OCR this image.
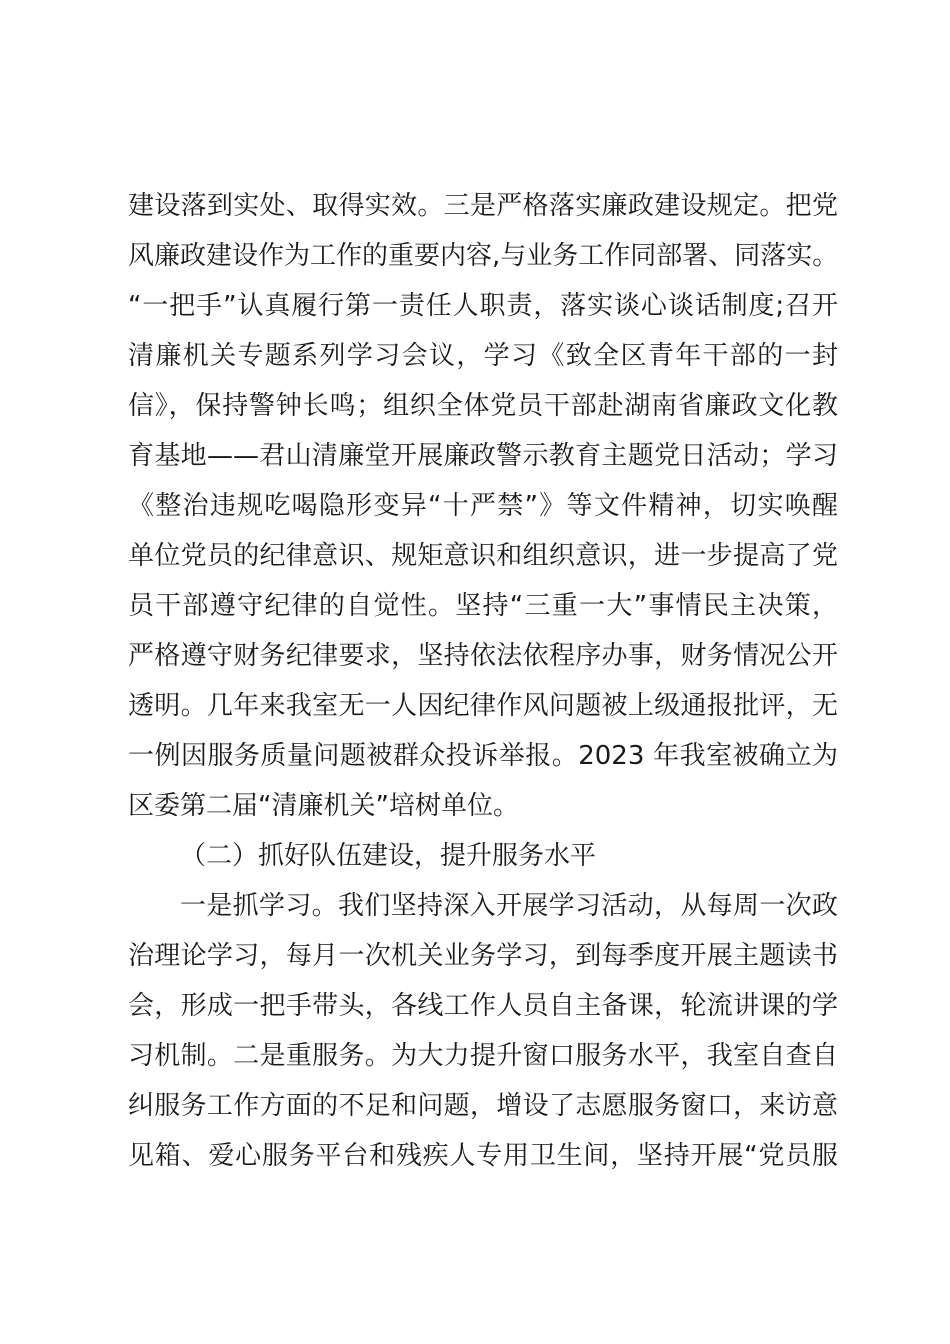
建设落到实处、取得实效。三是严格落实廉政建设规定。把党
风廉政建设作为工作的重要内容,与业务工作同部署、同落实。
“一把手”认真履行第一责任人职责，落实谈心谈话制度;召开
清廉机关专题系列学习会议，学习《致全区青年干部的一封
信》，保持警钟长鸣；组织全体党员干部赴湖南省廉政文化教
育基地——君山清廉堂开展廉政警示教育主题党日活动；学习
《整治违规吃喝隐形变异“十严禁”》等文件精神，切实唤醒
单位党员的纪律意识、规矩意识和组织意识，进一步提高了党
员干部遵守纪律的自觉性。坚持“三重一大”事情民主决策，
严格遵守财务纪律要求，坚持依法依程序办事，财务情况公开
透明。几年来我室无一人因纪律作风问题被上级通报批评，无
一例因服务质量问题被群众投诉举报。2023 年我室被确立为
区委第二届“清廉机关”培树单位。
（二）抓好队伍建设，提升服务水平
一是抓学习。我们坚持深入开展学习活动，从每周一次政
治理论学习，每月一次机关业务学习，到每季度开展主题读书
会，形成一把手带头，各线工作人员自主备课，轮流讲课的学
习机制。二是重服务。为大力提升窗口服务水平，我室自查自
纠服务工作方面的不足和问题，增设了志愿服务窗口，来访意
见箱、爱心服务平台和残疾人专用卫生间，坚持开展“党员服
